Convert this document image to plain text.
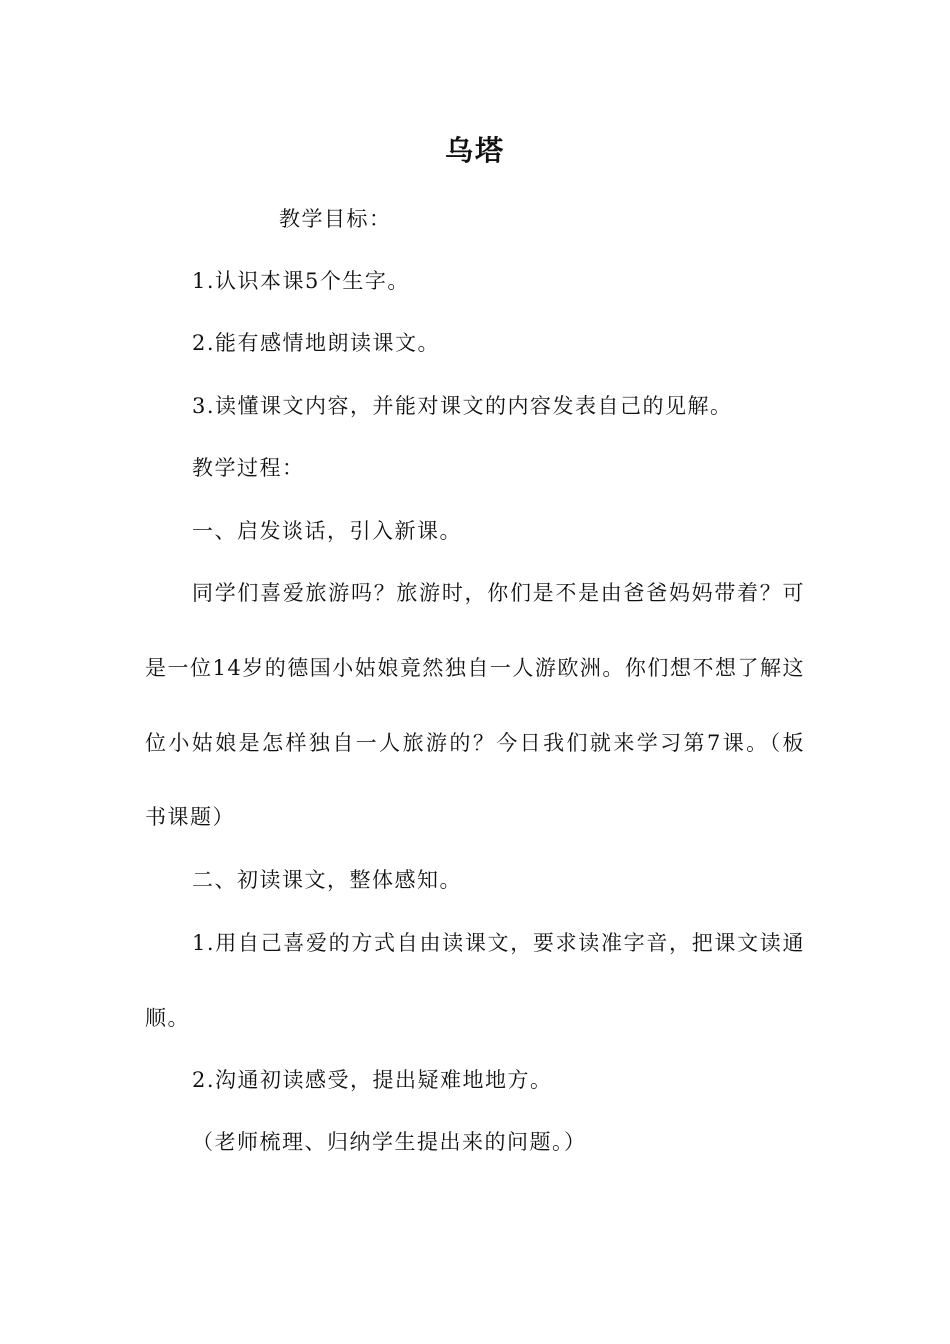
乌塔
教学目标：
1.认识本课5个生字。
2.能有感情地朗读课文。
3.读懂课文内容，并能对课文的内容发表自己的见解。
教学过程：
一、启发谈话，引入新课。
同学们喜爱旅游吗？旅游时，你们是不是由爸爸妈妈带着？可
是一位14岁的德国小姑娘竟然独自一人游欧洲。你们想不想了解这
位小姑娘是怎样独自一人旅游的？今日我们就来学习第7课。（板
书课题）
二、初读课文，整体感知。
1.用自己喜爱的方式自由读课文，要求读准字音，把课文读通
顺。
2.沟通初读感受，提出疑难地地方。
（老师梳理、归纳学生提出来的问题。）
